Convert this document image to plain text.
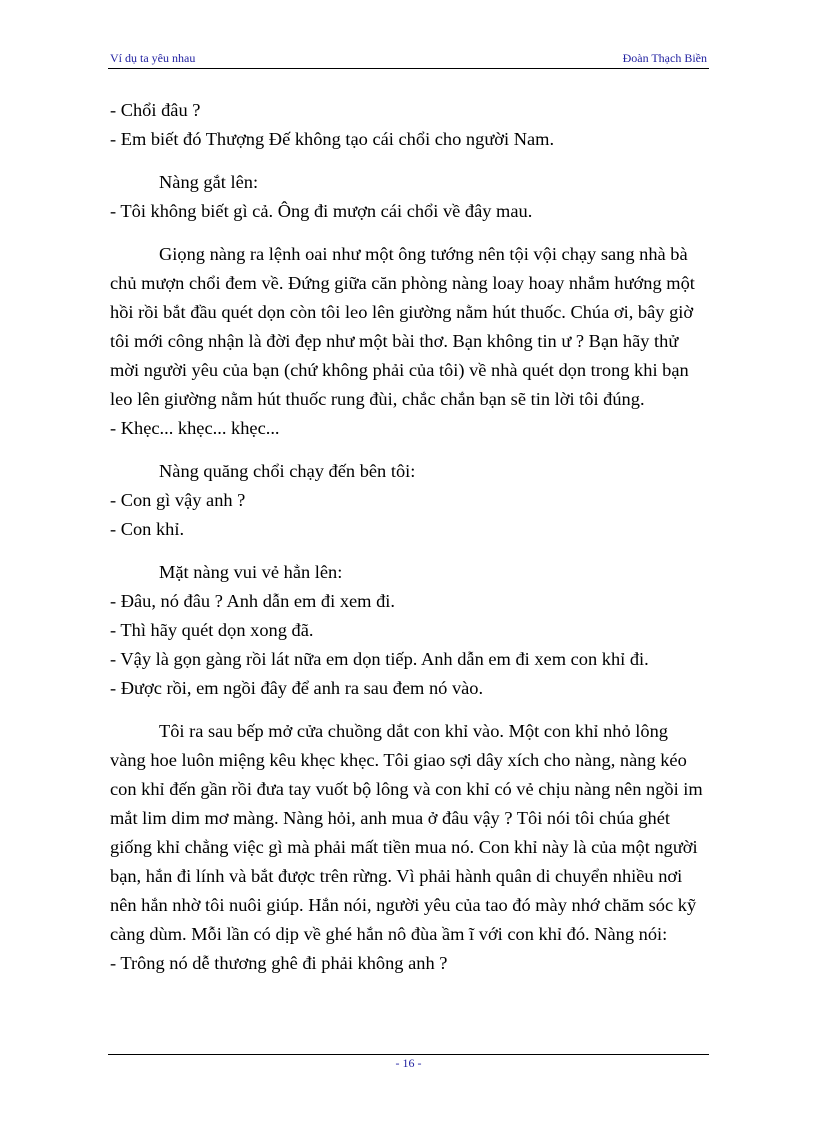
Ví dụ ta yêu nhau	Đoàn Thạch Biền

- Chổi đâu ?

- Em biết đó Thượng Đế không tạo cái chổi cho người Nam.

Nàng gắt lên:

- Tôi không biết gì cả. Ông đi mượn cái chổi về đây mau.

Giọng nàng ra lệnh oai như một ông tướng nên tội vội chạy sang nhà bà chủ mượn chổi đem về. Đứng giữa căn phòng nàng loay hoay nhắm hướng một hồi rồi bắt đầu quét dọn còn tôi leo lên giường nằm hút thuốc. Chúa ơi, bây giờ tôi mới công nhận là đời đẹp như một bài thơ. Bạn không tin ư ? Bạn hãy thử mời người yêu của bạn (chứ không phải của tôi) về nhà quét dọn trong khi bạn leo lên giường nằm hút thuốc rung đùi, chắc chắn bạn sẽ tin lời tôi đúng.

- Khẹc... khẹc... khẹc...

Nàng quăng chổi chạy đến bên tôi:

- Con gì vậy anh ?

- Con khỉ.

Mặt nàng vui vẻ hẳn lên:

- Đâu, nó đâu ? Anh dẫn em đi xem đi.

- Thì hãy quét dọn xong đã.

- Vậy là gọn gàng rồi lát nữa em dọn tiếp. Anh dẫn em đi xem con khỉ đi.

- Được rồi, em ngồi đây để anh ra sau đem nó vào.

Tôi ra sau bếp mở cửa chuồng dắt con khỉ vào. Một con khỉ nhỏ lông vàng hoe luôn miệng kêu khẹc khẹc. Tôi giao sợi dây xích cho nàng, nàng kéo con khỉ đến gần rồi đưa tay vuốt bộ lông và con khỉ có vẻ chịu nàng nên ngồi im mắt lim dim mơ màng. Nàng hỏi, anh mua ở đâu vậy ? Tôi nói tôi chúa ghét giống khỉ chẳng việc gì mà phải mất tiền mua nó. Con khỉ này là của một người bạn, hắn đi lính và bắt được trên rừng. Vì phải hành quân di chuyển nhiều nơi nên hắn nhờ tôi nuôi giúp. Hắn nói, người yêu của tao đó mày nhớ chăm sóc kỹ càng dùm. Mỗi lần có dịp về ghé hắn nô đùa ầm ĩ với con khỉ đó. Nàng nói:

- Trông nó dễ thương ghê đi phải không anh ?

- 16 -
